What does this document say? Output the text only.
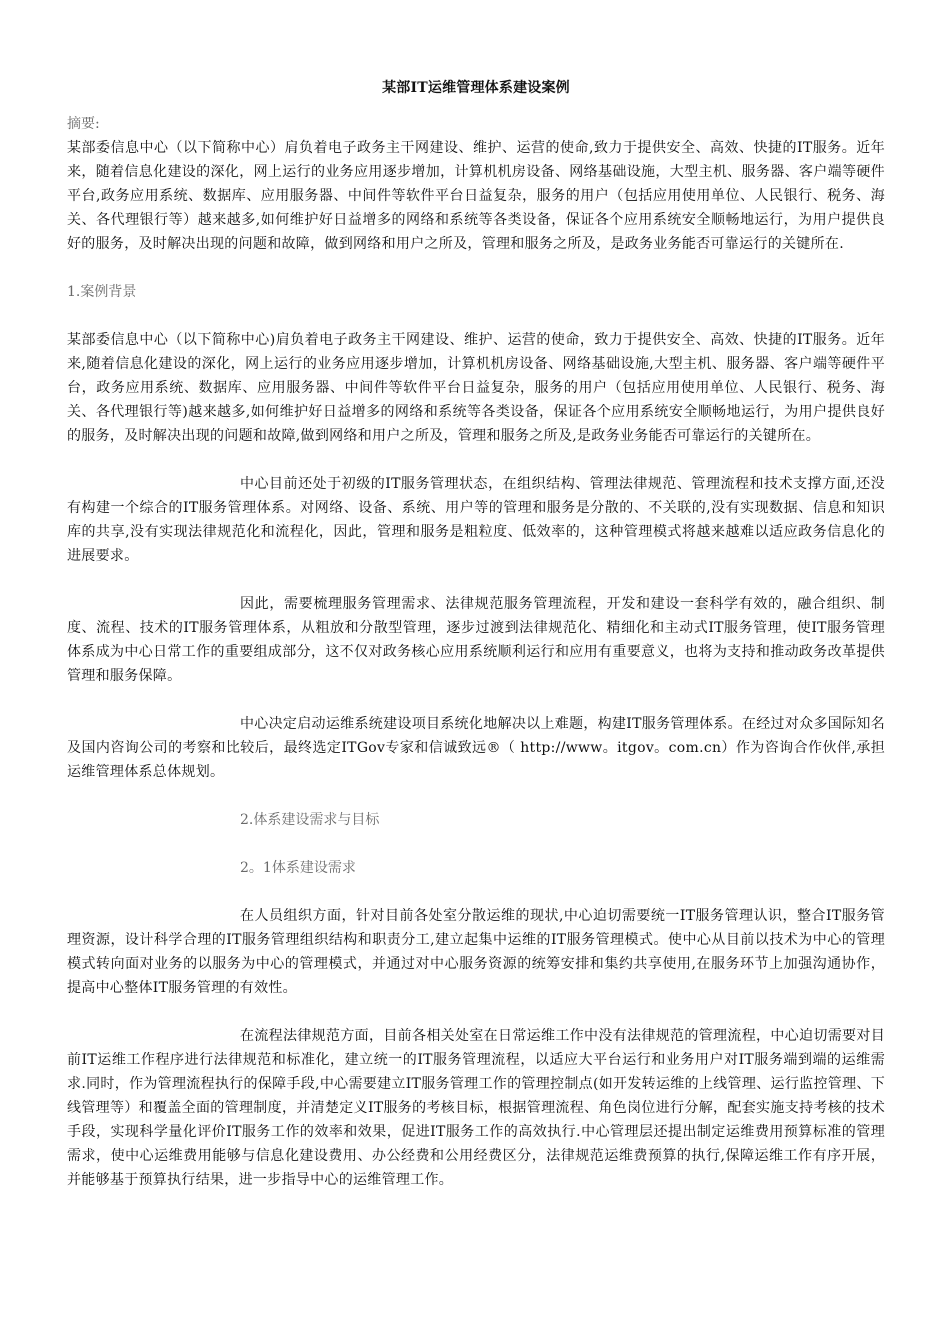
某部IT运维管理体系建设案例

摘要:

某部委信息中心（以下简称中心）肩负着电子政务主干网建设、维护、运营的使命,致力于提供安全、高效、快捷的IT服务。近年来，随着信息化建设的深化，网上运行的业务应用逐步增加，计算机机房设备、网络基础设施，大型主机、服务器、客户端等硬件平台,政务应用系统、数据库、应用服务器、中间件等软件平台日益复杂，服务的用户（包括应用使用单位、人民银行、税务、海关、各代理银行等）越来越多,如何维护好日益增多的网络和系统等各类设备，保证各个应用系统安全顺畅地运行，为用户提供良好的服务，及时解决出现的问题和故障，做到网络和用户之所及，管理和服务之所及，是政务业务能否可靠运行的关键所在.

1.案例背景

某部委信息中心（以下简称中心)肩负着电子政务主干网建设、维护、运营的使命，致力于提供安全、高效、快捷的IT服务。近年来,随着信息化建设的深化，网上运行的业务应用逐步增加，计算机机房设备、网络基础设施,大型主机、服务器、客户端等硬件平台，政务应用系统、数据库、应用服务器、中间件等软件平台日益复杂，服务的用户（包括应用使用单位、人民银行、税务、海关、各代理银行等)越来越多,如何维护好日益增多的网络和系统等各类设备，保证各个应用系统安全顺畅地运行，为用户提供良好的服务，及时解决出现的问题和故障,做到网络和用户之所及，管理和服务之所及,是政务业务能否可靠运行的关键所在。

中心目前还处于初级的IT服务管理状态，在组织结构、管理法律规范、管理流程和技术支撑方面,还没有构建一个综合的IT服务管理体系。对网络、设备、系统、用户等的管理和服务是分散的、不关联的,没有实现数据、信息和知识库的共享,没有实现法律规范化和流程化，因此，管理和服务是粗粒度、低效率的，这种管理模式将越来越难以适应政务信息化的进展要求。

因此，需要梳理服务管理需求、法律规范服务管理流程，开发和建设一套科学有效的，融合组织、制度、流程、技术的IT服务管理体系，从粗放和分散型管理，逐步过渡到法律规范化、精细化和主动式IT服务管理，使IT服务管理体系成为中心日常工作的重要组成部分，这不仅对政务核心应用系统顺利运行和应用有重要意义，也将为支持和推动政务改革提供管理和服务保障。

中心决定启动运维系统建设项目系统化地解决以上难题，构建IT服务管理体系。在经过对众多国际知名及国内咨询公司的考察和比较后，最终选定ITGov专家和信诚致远®（ http://www。itgov。com.cn）作为咨询合作伙伴,承担运维管理体系总体规划。

2.体系建设需求与目标

2。1体系建设需求

在人员组织方面，针对目前各处室分散运维的现状,中心迫切需要统一IT服务管理认识，整合IT服务管理资源，设计科学合理的IT服务管理组织结构和职责分工,建立起集中运维的IT服务管理模式。使中心从目前以技术为中心的管理模式转向面对业务的以服务为中心的管理模式，并通过对中心服务资源的统筹安排和集约共享使用,在服务环节上加强沟通协作，提高中心整体IT服务管理的有效性。

在流程法律规范方面，目前各相关处室在日常运维工作中没有法律规范的管理流程，中心迫切需要对目前IT运维工作程序进行法律规范和标准化，建立统一的IT服务管理流程，以适应大平台运行和业务用户对IT服务端到端的运维需求.同时，作为管理流程执行的保障手段,中心需要建立IT服务管理工作的管理控制点(如开发转运维的上线管理、运行监控管理、下线管理等）和覆盖全面的管理制度，并清楚定义IT服务的考核目标，根据管理流程、角色岗位进行分解，配套实施支持考核的技术手段，实现科学量化评价IT服务工作的效率和效果，促进IT服务工作的高效执行.中心管理层还提出制定运维费用预算标准的管理需求，使中心运维费用能够与信息化建设费用、办公经费和公用经费区分，法律规范运维费预算的执行,保障运维工作有序开展，并能够基于预算执行结果，进一步指导中心的运维管理工作。
